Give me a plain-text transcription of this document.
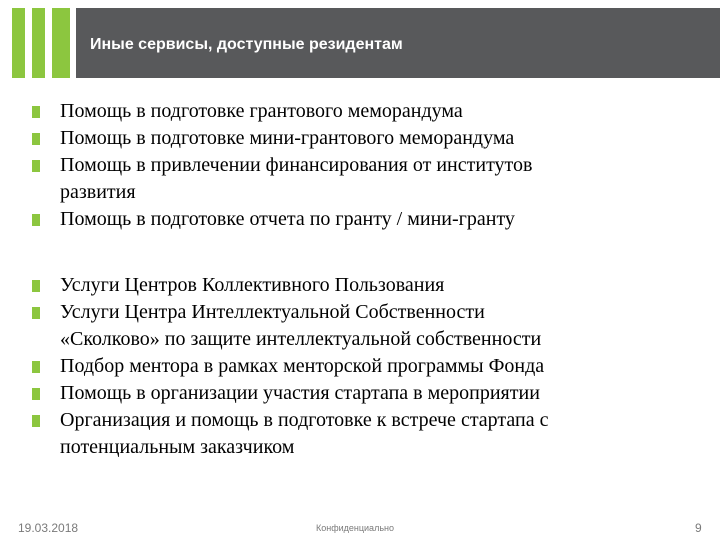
Иные сервисы, доступные резидентам
Помощь в подготовке грантового меморандума
Помощь в подготовке мини-грантового меморандума
Помощь в привлечении финансирования от институтов
развития
Помощь в подготовке отчета по гранту / мини-гранту
Услуги Центров Коллективного Пользования
Услуги Центра Интеллектуальной Собственности
«Сколково» по защите интеллектуальной собственности
Подбор ментора в рамках менторской программы Фонда
Помощь в организации участия стартапа в мероприятии
Организация и помощь в подготовке к встрече стартапа с
потенциальным заказчиком
19.03.2018	Конфиденциально	9
